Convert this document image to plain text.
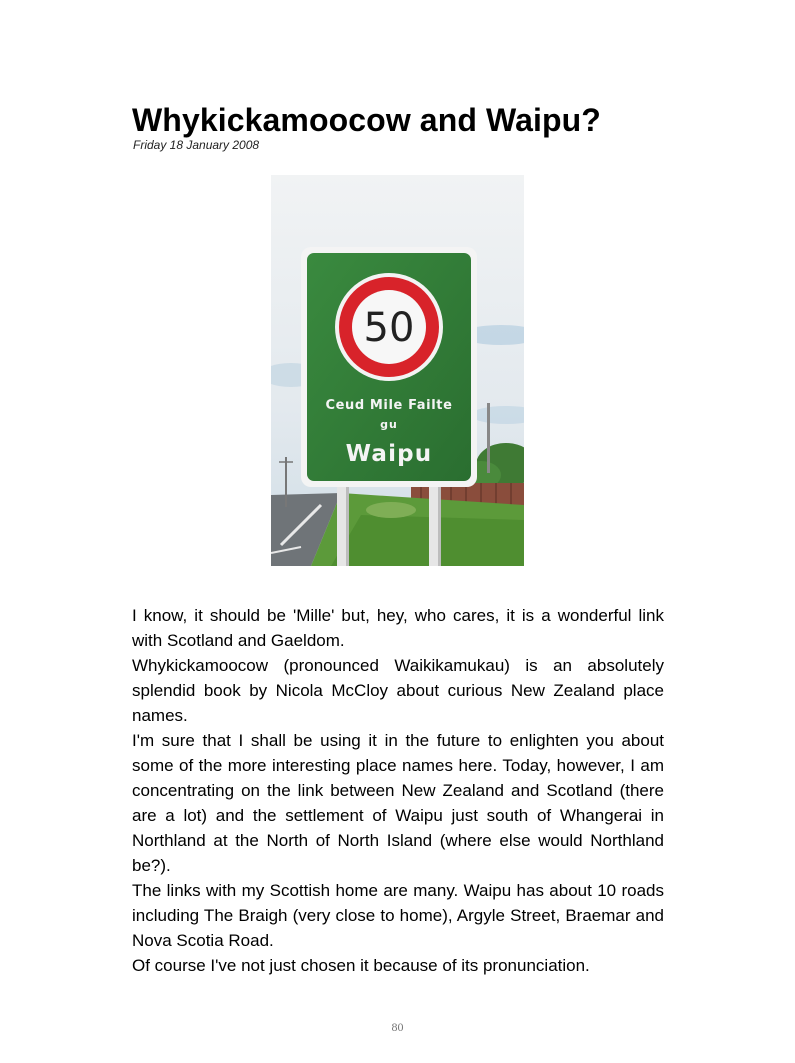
Whykickamoocow and Waipu?
Friday 18 January 2008
50
Ceud Mile Failte
gu
Waipu

I know, it should be 'Mille' but, hey, who cares, it is a wonderful link with Scotland and Gaeldom.

Whykickamoocow (pronounced Waikikamukau) is an absolutely splendid book by Nicola McCloy about curious New Zealand place names.

I'm sure that I shall be using it in the future to enlighten you about some of the more interesting place names here. Today, however, I am concentrating on the link between New Zealand and Scotland (there are a lot) and the settlement of Waipu just south of Whangerai in Northland at the North of North Island (where else would Northland be?).

The links with my Scottish home are many. Waipu has about 10 roads including The Braigh (very close to home), Argyle Street, Braemar and Nova Scotia Road.

Of course I've not just chosen it because of its pronunciation.

80
